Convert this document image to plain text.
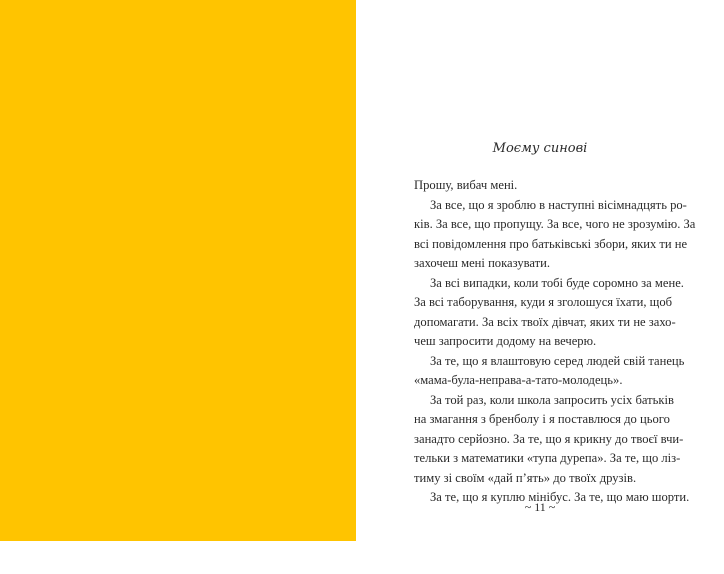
Моєму синові
Прошу, вибач мені.
За все, що я зроблю в наступні вісімнадцять ро-
ків. За все, що пропущу. За все, чого не зрозумію. За
всі повідомлення про батьківські збори, яких ти не
захочеш мені показувати.
За всі випадки, коли тобі буде соромно за мене.
За всі таборування, куди я зголошуся їхати, щоб
допомагати. За всіх твоїх дівчат, яких ти не захо-
чеш запросити додому на вечерю.
За те, що я влаштовую серед людей свій танець
«мама-була-неправа-а-тато-молодець».
За той раз, коли школа запросить усіх батьків
на змагання з бренболу і я поставлюся до цього
занадто серйозно. За те, що я крикну до твоєї вчи-
тельки з математики «тупа дурепа». За те, що ліз-
тиму зі своїм «дай п’ять» до твоїх друзів.
За те, що я куплю мінібус. За те, що маю шорти.
~ 11 ~
